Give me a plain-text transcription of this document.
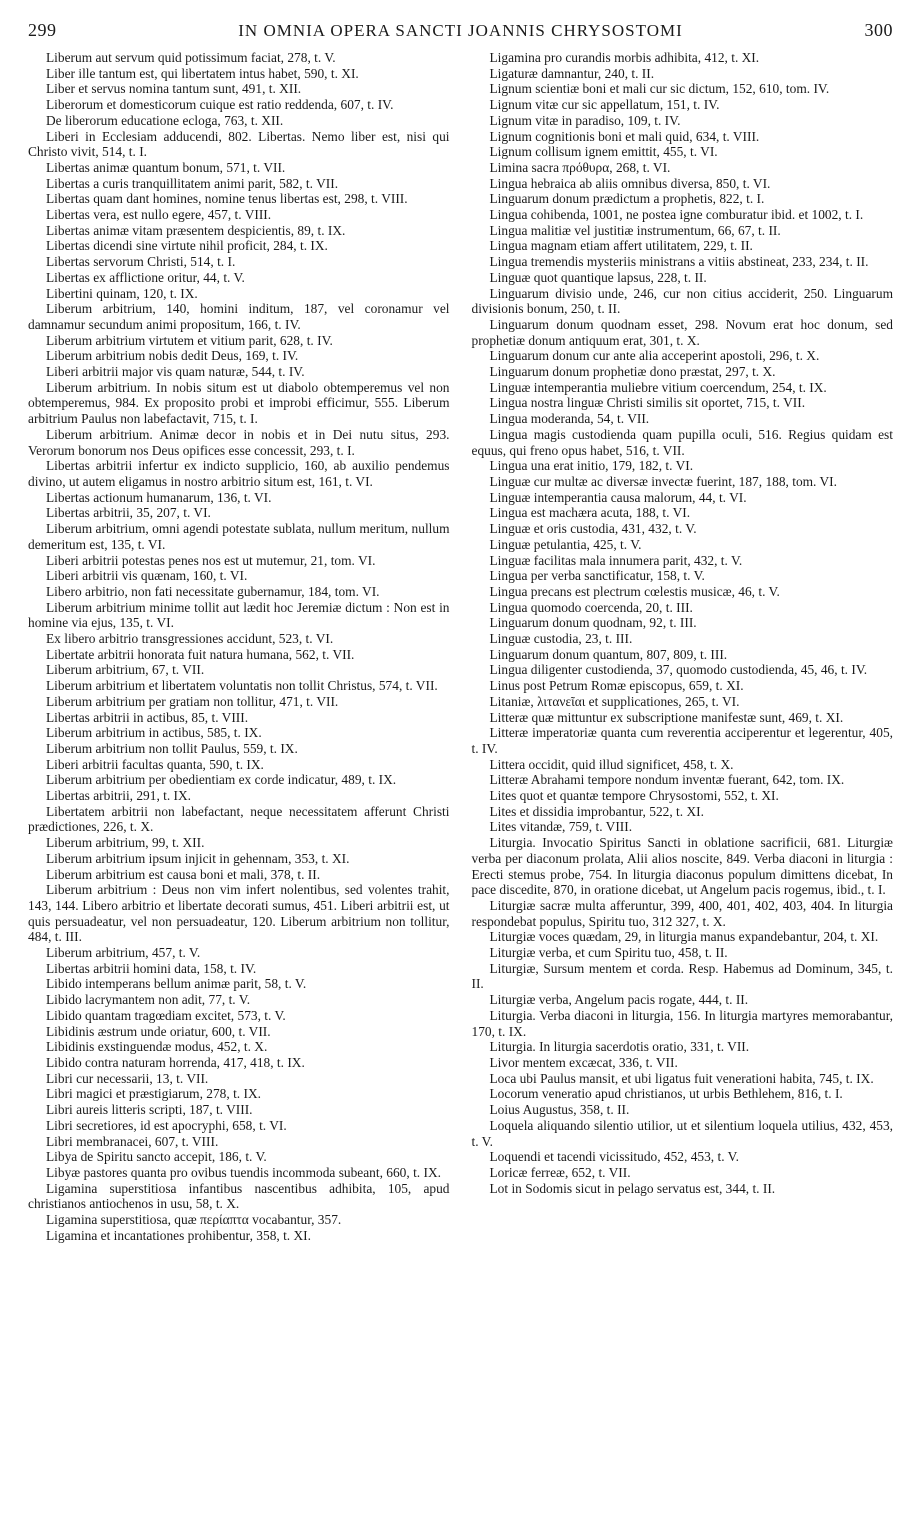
299	IN OMNIA OPERA SANCTI JOANNIS CHRYSOSTOMI	300

Liberum aut servum quid potissimum faciat, 278, t. V.

Liber ille tantum est, qui libertatem intus habet, 590, t. XI.

Liber et servus nomina tantum sunt, 491, t. XII.

Liberorum et domesticorum cuique est ratio reddenda, 607, t. IV.

De liberorum educatione ecloga, 763, t. XII.

Liberi in Ecclesiam adducendi, 802. Libertas. Nemo liber est, nisi qui Christo vivit, 514, t. I.

Libertas animæ quantum bonum, 571, t. VII.

Libertas a curis tranquillitatem animi parit, 582, t. VII.

Libertas quam dant homines, nomine tenus libertas est, 298, t. VIII.

Libertas vera, est nullo egere, 457, t. VIII.

Libertas animæ vitam præsentem despicientis, 89, t. IX.

Libertas dicendi sine virtute nihil proficit, 284, t. IX.

Libertas servorum Christi, 514, t. I.

Libertas ex afflictione oritur, 44, t. V.

Libertini quinam, 120, t. IX.

Liberum arbitrium, 140, homini inditum, 187, vel coronamur vel damnamur secundum animi propositum, 166, t. IV.

Liberum arbitrium virtutem et vitium parit, 628, t. IV.

Liberum arbitrium nobis dedit Deus, 169, t. IV.

Liberi arbitrii major vis quam naturæ, 544, t. IV.

Liberum arbitrium. In nobis situm est ut diabolo obtemperemus vel non obtemperemus, 984. Ex proposito probi et improbi efficimur, 555. Liberum arbitrium Paulus non labefactavit, 715, t. I.

Liberum arbitrium. Animæ decor in nobis et in Dei nutu situs, 293. Verorum bonorum nos Deus opifices esse concessit, 293, t. I.

Libertas arbitrii infertur ex indicto supplicio, 160, ab auxilio pendemus divino, ut autem eligamus in nostro arbitrio situm est, 161, t. VI.

Libertas actionum humanarum, 136, t. VI.

Libertas arbitrii, 35, 207, t. VI.

Liberum arbitrium, omni agendi potestate sublata, nullum meritum, nullum demeritum est, 135, t. VI.

Liberi arbitrii potestas penes nos est ut mutemur, 21, tom. VI.

Liberi arbitrii vis quænam, 160, t. VI.

Libero arbitrio, non fati necessitate gubernamur, 184, tom. VI.

Liberum arbitrium minime tollit aut lædit hoc Jeremiæ dictum : Non est in homine via ejus, 135, t. VI.

Ex libero arbitrio transgressiones accidunt, 523, t. VI.

Libertate arbitrii honorata fuit natura humana, 562, t. VII.

Liberum arbitrium, 67, t. VII.

Liberum arbitrium et libertatem voluntatis non tollit Christus, 574, t. VII.

Liberum arbitrium per gratiam non tollitur, 471, t. VII.

Libertas arbitrii in actibus, 85, t. VIII.

Liberum arbitrium in actibus, 585, t. IX.

Liberum arbitrium non tollit Paulus, 559, t. IX.

Liberi arbitrii facultas quanta, 590, t. IX.

Liberum arbitrium per obedientiam ex corde indicatur, 489, t. IX.

Libertas arbitrii, 291, t. IX.

Libertatem arbitrii non labefactant, neque necessitatem afferunt Christi prædictiones, 226, t. X.

Liberum arbitrium, 99, t. XII.

Liberum arbitrium ipsum injicit in gehennam, 353, t. XI.

Liberum arbitrium est causa boni et mali, 378, t. II.

Liberum arbitrium : Deus non vim infert nolentibus, sed volentes trahit, 143, 144. Libero arbitrio et libertate decorati sumus, 451. Liberi arbitrii est, ut quis persuadeatur, vel non persuadeatur, 120. Liberum arbitrium non tollitur, 484, t. III.

Liberum arbitrium, 457, t. V.

Libertas arbitrii homini data, 158, t. IV.

Libido intemperans bellum animæ parit, 58, t. V.

Libido lacrymantem non adit, 77, t. V.

Libido quantam tragœdiam excitet, 573, t. V.

Libidinis æstrum unde oriatur, 600, t. VII.

Libidinis exstinguendæ modus, 452, t. X.

Libido contra naturam horrenda, 417, 418, t. IX.

Libri cur necessarii, 13, t. VII.

Libri magici et præstigiarum, 278, t. IX.

Libri aureis litteris scripti, 187, t. VIII.

Libri secretiores, id est apocryphi, 658, t. VI.

Libri membranacei, 607, t. VIII.

Libya de Spiritu sancto accepit, 186, t. V.

Libyæ pastores quanta pro ovibus tuendis incommoda subeant, 660, t. IX.

Ligamina superstitiosa infantibus nascentibus adhibita, 105, apud christianos antiochenos in usu, 58, t. X.

Ligamina superstitiosa, quæ περίαπτα vocabantur, 357.

Ligamina et incantationes prohibentur, 358, t. XI.

Ligamina pro curandis morbis adhibita, 412, t. XI.

Ligaturæ damnantur, 240, t. II.

Lignum scientiæ boni et mali cur sic dictum, 152, 610, tom. IV.

Lignum vitæ cur sic appellatum, 151, t. IV.

Lignum vitæ in paradiso, 109, t. IV.

Lignum cognitionis boni et mali quid, 634, t. VIII.

Lignum collisum ignem emittit, 455, t. VI.

Limina sacra πρόθυρα, 268, t. VI.

Lingua hebraica ab aliis omnibus diversa, 850, t. VI.

Linguarum donum prædictum a prophetis, 822, t. I.

Lingua cohibenda, 1001, ne postea igne comburatur ibid. et 1002, t. I.

Lingua malitiæ vel justitiæ instrumentum, 66, 67, t. II.

Lingua magnam etiam affert utilitatem, 229, t. II.

Lingua tremendis mysteriis ministrans a vitiis abstineat, 233, 234, t. II.

Linguæ quot quantique lapsus, 228, t. II.

Linguarum divisio unde, 246, cur non citius acciderit, 250. Linguarum divisionis bonum, 250, t. II.

Linguarum donum quodnam esset, 298. Novum erat hoc donum, sed prophetiæ donum antiquum erat, 301, t. X.

Linguarum donum cur ante alia acceperint apostoli, 296, t. X.

Linguarum donum prophetiæ dono præstat, 297, t. X.

Linguæ intemperantia muliebre vitium coercendum, 254, t. IX.

Lingua nostra linguæ Christi similis sit oportet, 715, t. VII.

Lingua moderanda, 54, t. VII.

Lingua magis custodienda quam pupilla oculi, 516. Regius quidam est equus, qui freno opus habet, 516, t. VII.

Lingua una erat initio, 179, 182, t. VI.

Linguæ cur multæ ac diversæ invectæ fuerint, 187, 188, tom. VI.

Linguæ intemperantia causa malorum, 44, t. VI.

Lingua est machæra acuta, 188, t. VI.

Linguæ et oris custodia, 431, 432, t. V.

Linguæ petulantia, 425, t. V.

Linguæ facilitas mala innumera parit, 432, t. V.

Lingua per verba sanctificatur, 158, t. V.

Lingua precans est plectrum cœlestis musicæ, 46, t. V.

Lingua quomodo coercenda, 20, t. III.

Linguarum donum quodnam, 92, t. III.

Linguæ custodia, 23, t. III.

Linguarum donum quantum, 807, 809, t. III.

Lingua diligenter custodienda, 37, quomodo custodienda, 45, 46, t. IV.

Linus post Petrum Romæ episcopus, 659, t. XI.

Litaniæ, λιτανεῖαι et supplicationes, 265, t. VI.

Litteræ quæ mittuntur ex subscriptione manifestæ sunt, 469, t. XI.

Litteræ imperatoriæ quanta cum reverentia acciperentur et legerentur, 405, t. IV.

Littera occidit, quid illud significet, 458, t. X.

Litteræ Abrahami tempore nondum inventæ fuerant, 642, tom. IX.

Lites quot et quantæ tempore Chrysostomi, 552, t. XI.

Lites et dissidia improbantur, 522, t. XI.

Lites vitandæ, 759, t. VIII.

Liturgia. Invocatio Spiritus Sancti in oblatione sacrificii, 681. Liturgiæ verba per diaconum prolata, Alii alios noscite, 849. Verba diaconi in liturgia : Erecti stemus probe, 754. In liturgia diaconus populum dimittens dicebat, In pace discedite, 870, in oratione dicebat, ut Angelum pacis rogemus, ibid., t. I.

Liturgiæ sacræ multa afferuntur, 399, 400, 401, 402, 403, 404. In liturgia respondebat populus, Spiritu tuo, 312 327, t. X.

Liturgiæ voces quædam, 29, in liturgia manus expandebantur, 204, t. XI.

Liturgiæ verba, et cum Spiritu tuo, 458, t. II.

Liturgiæ, Sursum mentem et corda. Resp. Habemus ad Dominum, 345, t. II.

Liturgiæ verba, Angelum pacis rogate, 444, t. II.

Liturgia. Verba diaconi in liturgia, 156. In liturgia martyres memorabantur, 170, t. IX.

Liturgia. In liturgia sacerdotis oratio, 331, t. VII.

Livor mentem excæcat, 336, t. VII.

Loca ubi Paulus mansit, et ubi ligatus fuit venerationi habita, 745, t. IX.

Locorum veneratio apud christianos, ut urbis Bethlehem, 816, t. I.

Loius Augustus, 358, t. II.

Loquela aliquando silentio utilior, ut et silentium loquela utilius, 432, 453, t. V.

Loquendi et tacendi vicissitudo, 452, 453, t. V.

Loricæ ferreæ, 652, t. VII.

Lot in Sodomis sicut in pelago servatus est, 344, t. II.
